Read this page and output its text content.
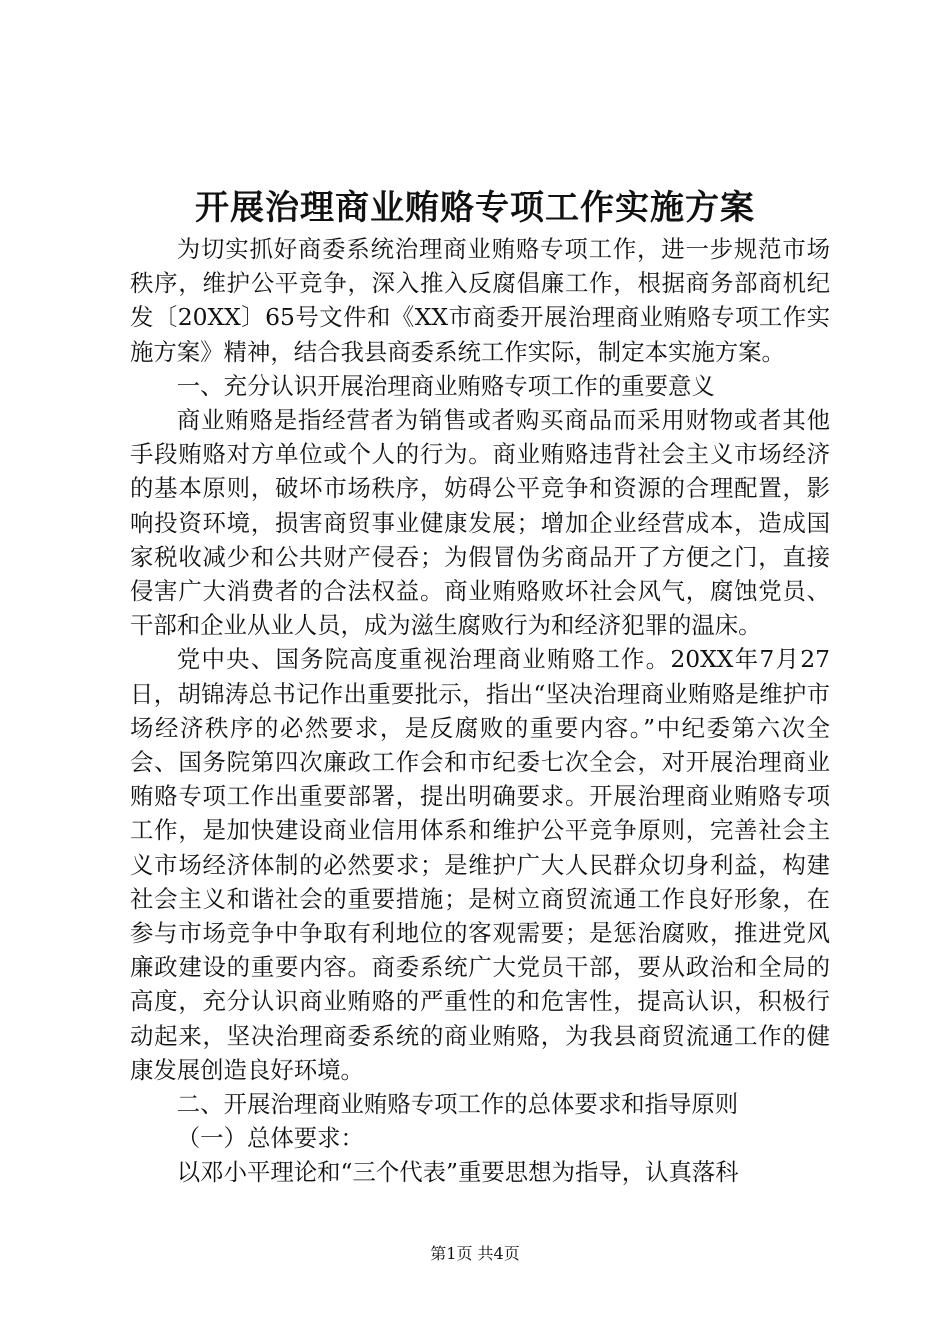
开展治理商业贿赂专项工作实施方案

为切实抓好商委系统治理商业贿赂专项工作，进一步规范市场秩序，维护公平竞争，深入推入反腐倡廉工作，根据商务部商机纪发〔20XX〕65号文件和《XX市商委开展治理商业贿赂专项工作实施方案》精神，结合我县商委系统工作实际，制定本实施方案。

一、充分认识开展治理商业贿赂专项工作的重要意义

商业贿赂是指经营者为销售或者购买商品而采用财物或者其他手段贿赂对方单位或个人的行为。商业贿赂违背社会主义市场经济的基本原则，破坏市场秩序，妨碍公平竞争和资源的合理配置，影响投资环境，损害商贸事业健康发展；增加企业经营成本，造成国家税收减少和公共财产侵吞；为假冒伪劣商品开了方便之门，直接侵害广大消费者的合法权益。商业贿赂败坏社会风气，腐蚀党员、干部和企业从业人员，成为滋生腐败行为和经济犯罪的温床。

党中央、国务院高度重视治理商业贿赂工作。20XX年7月27日，胡锦涛总书记作出重要批示，指出“坚决治理商业贿赂是维护市场经济秩序的必然要求，是反腐败的重要内容。”中纪委第六次全会、国务院第四次廉政工作会和市纪委七次全会，对开展治理商业贿赂专项工作出重要部署，提出明确要求。开展治理商业贿赂专项工作，是加快建设商业信用体系和维护公平竞争原则，完善社会主义市场经济体制的必然要求；是维护广大人民群众切身利益，构建社会主义和谐社会的重要措施；是树立商贸流通工作良好形象，在参与市场竞争中争取有利地位的客观需要；是惩治腐败，推进党风廉政建设的重要内容。商委系统广大党员干部，要从政治和全局的高度，充分认识商业贿赂的严重性的和危害性，提高认识，积极行动起来，坚决治理商委系统的商业贿赂，为我县商贸流通工作的健康发展创造良好环境。

二、开展治理商业贿赂专项工作的总体要求和指导原则

（一）总体要求：

以邓小平理论和“三个代表”重要思想为指导，认真落科

第1页 共4页
